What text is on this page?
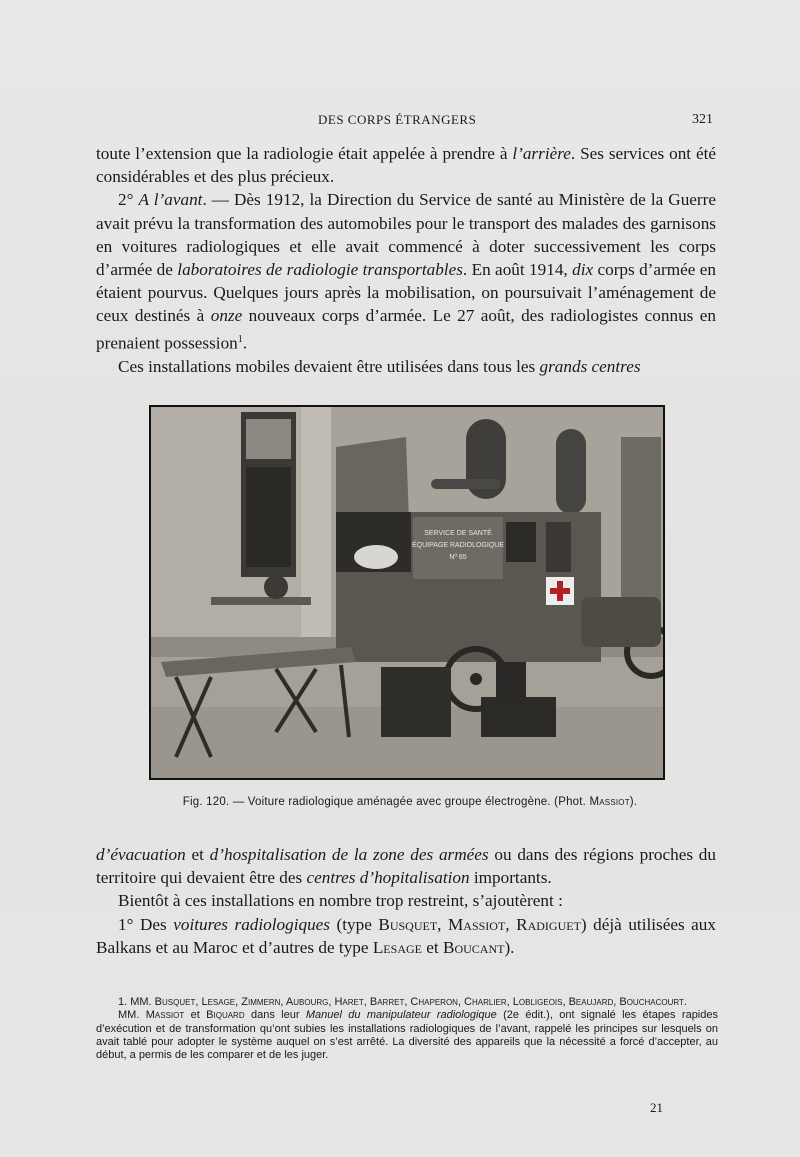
DES CORPS ÉTRANGERS	321

toute l’extension que la radiologie était appelée à prendre à l’arrière. Ses services ont été considérables et des plus précieux.

2° A l’avant. — Dès 1912, la Direction du Service de santé au Ministère de la Guerre avait prévu la transformation des automobiles pour le transport des malades des garnisons en voitures radiologiques et elle avait commencé à doter successivement les corps d’armée de laboratoires de radiologie transportables. En août 1914, dix corps d’armée en étaient pourvus. Quelques jours après la mobilisation, on poursuivait l’aménagement de ceux destinés à onze nouveaux corps d’armée. Le 27 août, des radiologistes connus en prenaient possession$^1$.

Ces installations mobiles devaient être utilisées dans tous les grands centres

SERVICE DE SANTÉ
ÉQUIPAGE RADIOLOGIQUE
Nº 65
Fig. 120. — Voiture radiologique aménagée avec groupe électrogène. (Phot. Massiot).

d’évacuation et d’hospitalisation de la zone des armées ou dans des régions proches du territoire qui devaient être des centres d’hopitalisation importants.

Bientôt à ces installations en nombre trop restreint, s’ajoutèrent :

1° Des voitures radiologiques (type Busquet, Massiot, Radiguet) déjà utilisées aux Balkans et au Maroc et d’autres de type Lesage et Boucant).

1. MM. Busquet, Lesage, Zimmern, Aubourg, Haret, Barret, Chaperon, Charlier, Lobligeois, Beaujard, Bouchacourt.

MM. Massiot et Biquard dans leur Manuel du manipulateur radiologique (2e édit.), ont signalé les étapes rapides d’exécution et de transformation qu’ont subies les installations radiologiques de l’avant, rappelé les principes sur lesquels on avait tablé pour adopter le système auquel on s’est arrêté. La diversité des appareils que la nécessité a forcé d’accepter, au début, a permis de les comparer et de les juger.

21
